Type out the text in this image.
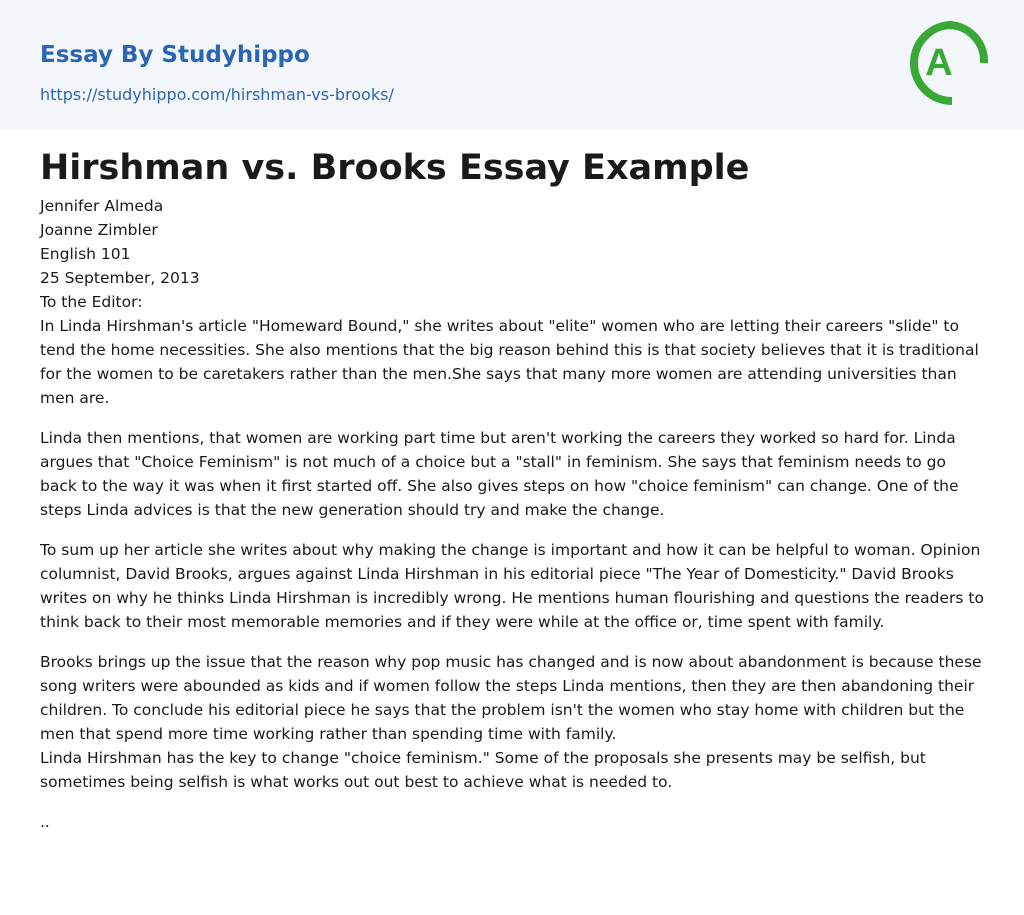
Essay By Studyhippo
https://studyhippo.com/hirshman-vs-brooks/
A
Hirshman vs. Brooks Essay Example
Jennifer Almeda
Joanne Zimbler
English 101
25 September, 2013
To the Editor:

In Linda Hirshman's article "Homeward Bound," she writes about "elite" women who are letting their careers "slide" to tend the home necessities. She also mentions that the big reason behind this is that society believes that it is traditional for the women to be caretakers rather than the men.She says that many more women are attending universities than men are.

Linda then mentions, that women are working part time but aren't working the careers they worked so hard for. Linda argues that "Choice Feminism" is not much of a choice but a "stall" in feminism. She says that feminism needs to go back to the way it was when it first started off. She also gives steps on how "choice feminism" can change. One of the steps Linda advices is that the new generation should try and make the change.

To sum up her article she writes about why making the change is important and how it can be helpful to woman. Opinion columnist, David Brooks, argues against Linda Hirshman in his editorial piece "The Year of Domesticity." David Brooks writes on why he thinks Linda Hirshman is incredibly wrong. He mentions human flourishing and questions the readers to think back to their most memorable memories and if they were while at the office or, time spent with family.

Brooks brings up the issue that the reason why pop music has changed and is now about abandonment is because these song writers were abounded as kids and if women follow the steps Linda mentions, then they are then abandoning their children. To conclude his editorial piece he says that the problem isn't the women who stay home with children but the men that spend more time working rather than spending time with family.

Linda Hirshman has the key to change "choice feminism." Some of the proposals she presents may be selfish, but sometimes being selfish is what works out out best to achieve what is needed to.

..
